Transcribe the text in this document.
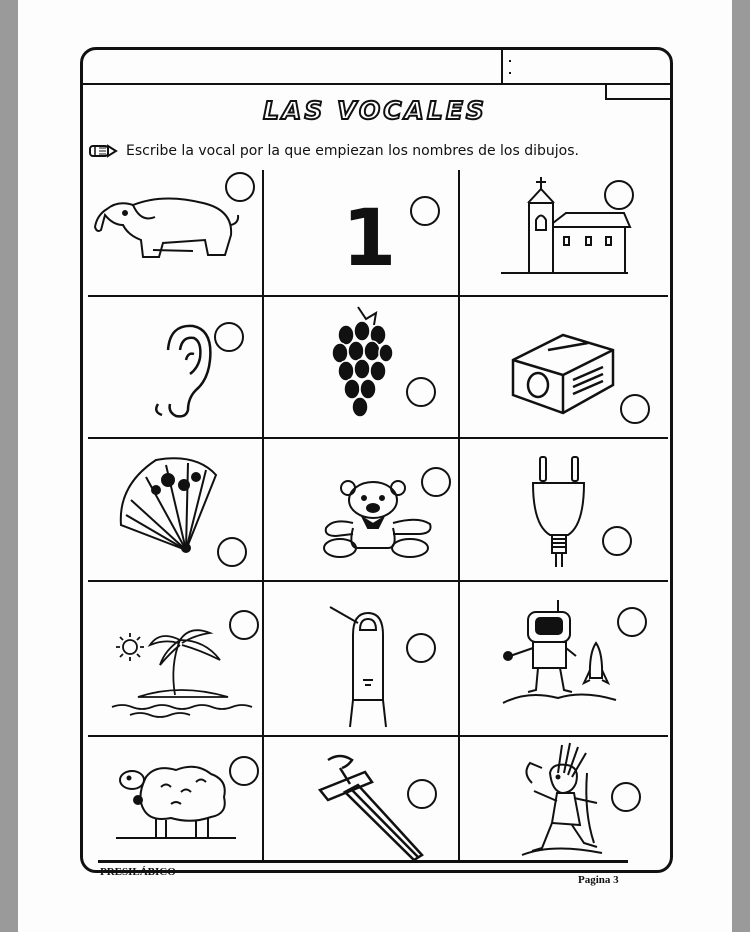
LAS VOCALES
Escribe la vocal por la que empiezan los nombres de los dibujos.
1
PRESILÁBICO
Pagina 3
